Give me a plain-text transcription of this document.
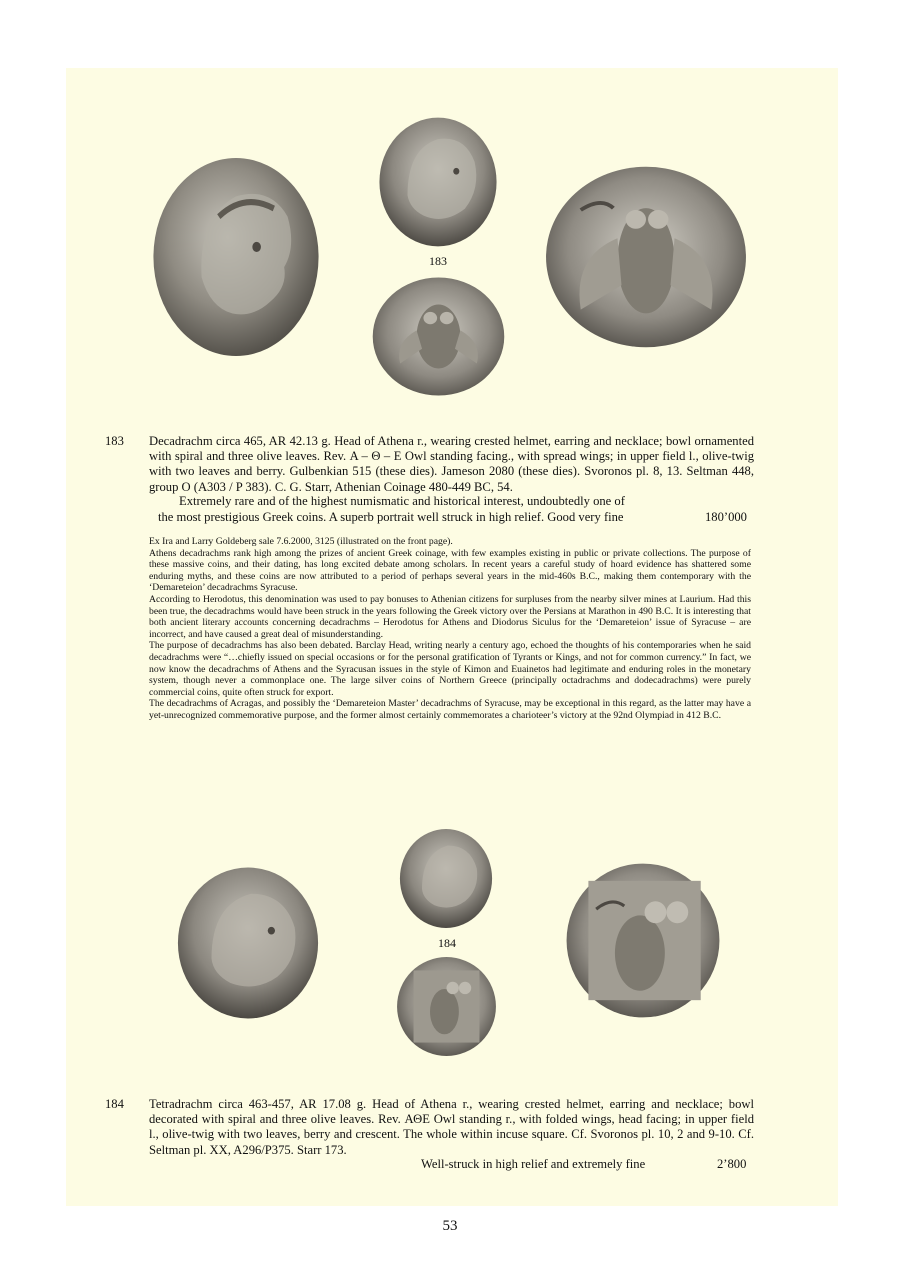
183
183 Decadrachm circa 465, AR 42.13 g. Head of Athena r., wearing crested helmet, earring and necklace; bowl ornamented with spiral and three olive leaves. Rev. Α – Θ – Ε Owl standing facing., with spread wings; in upper field l., olive-twig with two leaves and berry. Gulbenkian 515 (these dies). Jameson 2080 (these dies). Svoronos pl. 8, 13. Seltman 448, group O (A303 / P 383). C. G. Starr, Athenian Coinage 480-449 BC, 54.
Extremely rare and of the highest numismatic and historical interest, undoubtedly one of
the most prestigious Greek coins. A superb portrait well struck in high relief. Good very fine	180’000

Ex Ira and Larry Goldeberg sale 7.6.2000, 3125 (illustrated on the front page).

Athens decadrachms rank high among the prizes of ancient Greek coinage, with few examples existing in public or private collections. The purpose of these massive coins, and their dating, has long excited debate among scholars. In recent years a careful study of hoard evidence has shattered some enduring myths, and these coins are now attributed to a period of perhaps several years in the mid-460s B.C., making them contemporary with the ‘Demareteion’ decadrachms Syracuse.

According to Herodotus, this denomination was used to pay bonuses to Athenian citizens for surpluses from the nearby silver mines at Laurium. Had this been true, the decadrachms would have been struck in the years following the Greek victory over the Persians at Marathon in 490 B.C. It is interesting that both ancient literary accounts concerning decadrachms – Herodotus for Athens and Diodorus Siculus for the ‘Demareteion’ issue of Syracuse – are incorrect, and have caused a great deal of misunderstanding.

The purpose of decadrachms has also been debated. Barclay Head, writing nearly a century ago, echoed the thoughts of his contemporaries when he said decadrachms were “…chiefly issued on special occasions or for the personal gratification of Tyrants or Kings, and not for common currency.” In fact, we now know the decadrachms of Athens and the Syracusan issues in the style of Kimon and Euainetos had legitimate and enduring roles in the monetary system, though never a commonplace one. The large silver coins of Northern Greece (principally octadrachms and dodecadrachms) were purely commercial coins, quite often struck for export.

The decadrachms of Acragas, and possibly the ‘Demareteion Master’ decadrachms of Syracuse, may be exceptional in this regard, as the latter may have a yet-unrecognized commemorative purpose, and the former almost certainly commemorates a charioteer’s victory at the 92nd Olympiad in 412 B.C.

184
184 Tetradrachm circa 463-457, AR 17.08 g. Head of Athena r., wearing crested helmet, earring and necklace; bowl decorated with spiral and three olive leaves. Rev. ΑΘΕ Owl standing r., with folded wings, head facing; in upper field l., olive-twig with two leaves, berry and crescent. The whole within incuse square. Cf. Svoronos pl. 10, 2 and 9-10. Cf. Seltman pl. XX, A296/P375. Starr 173.
Well-struck in high relief and extremely fine	2’800
53
